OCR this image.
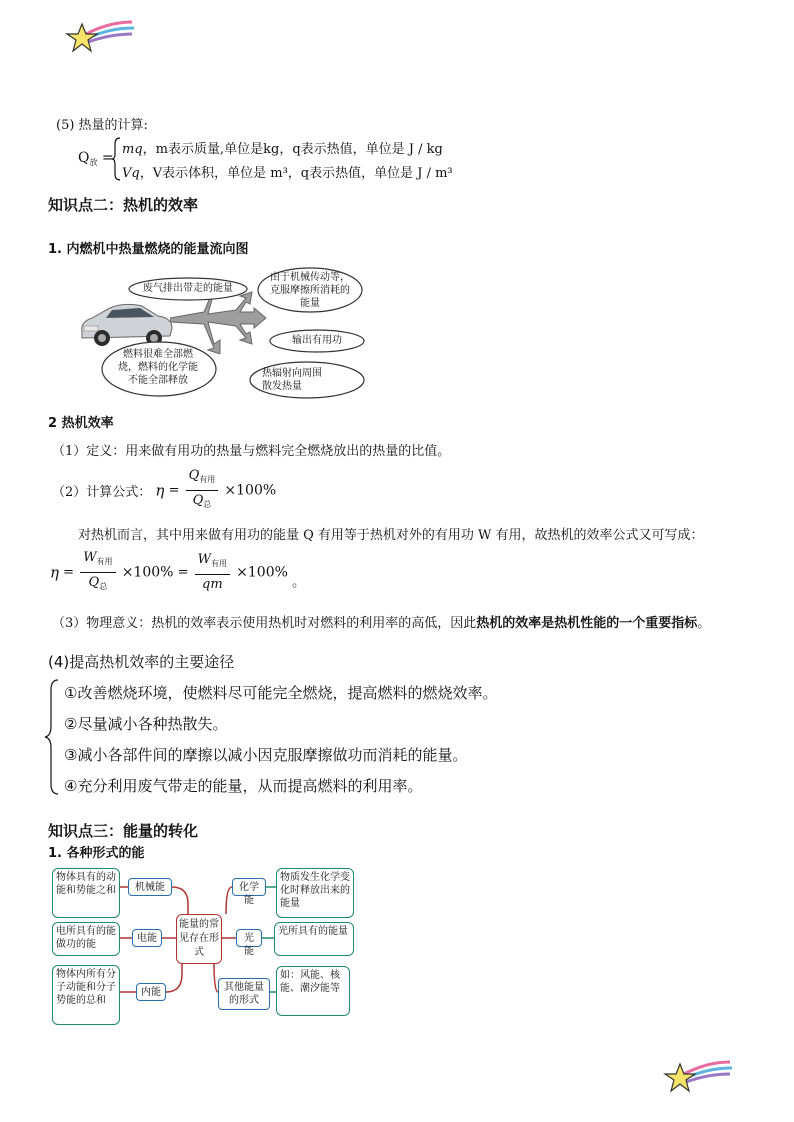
(5) 热量的计算:
$Q_放$ =
mq，m表示质量,单位是kg，q表示热值，单位是 J / kg
Vq，V表示体积，单位是 m³，q表示热值，单位是 J / m³
知识点二：热机的效率
1. 内燃机中热量燃烧的能量流向图
废气排出带走的能量
由于机械传动等，克服摩擦所消耗的能量
输出有用功
热辐射向周围散发热量
燃料很难全部燃烧，燃料的化学能不能全部释放
2 热机效率
（1）定义：用来做有用功的热量与燃料完全燃烧放出的热量的比值。
（2）计算公式： $\eta = \frac{Q_{有用}}{Q_总} \times 100\%$
对热机而言，其中用来做有用功的能量 Q 有用等于热机对外的有用功 W 有用，故热机的效率公式又可写成：
$\eta = \frac{W_{有用}}{Q_总} \times 100\% = \frac{W_{有用}}{qm} \times 100\%$ 。
（3）物理意义：热机的效率表示使用热机时对燃料的利用率的高低，因此热机的效率是热机性能的一个重要指标。
(4)提高热机效率的主要途径
①改善燃烧环境，使燃料尽可能完全燃烧，提高燃料的燃烧效率。
②尽量减小各种热散失。
③减小各部件间的摩擦以减小因克服摩擦做功而消耗的能量。
④充分利用废气带走的能量，从而提高燃料的利用率。
知识点三：能量的转化
1. 各种形式的能
物体具有的动能和势能之和	机械能
电所具有的能做功的能
电能
物体内所有分子动能和分子势能的总和
内能
能量的常见存在形式
化学能
物质发生化学变化时释放出来的能量
光能
光所具有的能量
其他能量的形式
如：风能、核能、潮汐能等
